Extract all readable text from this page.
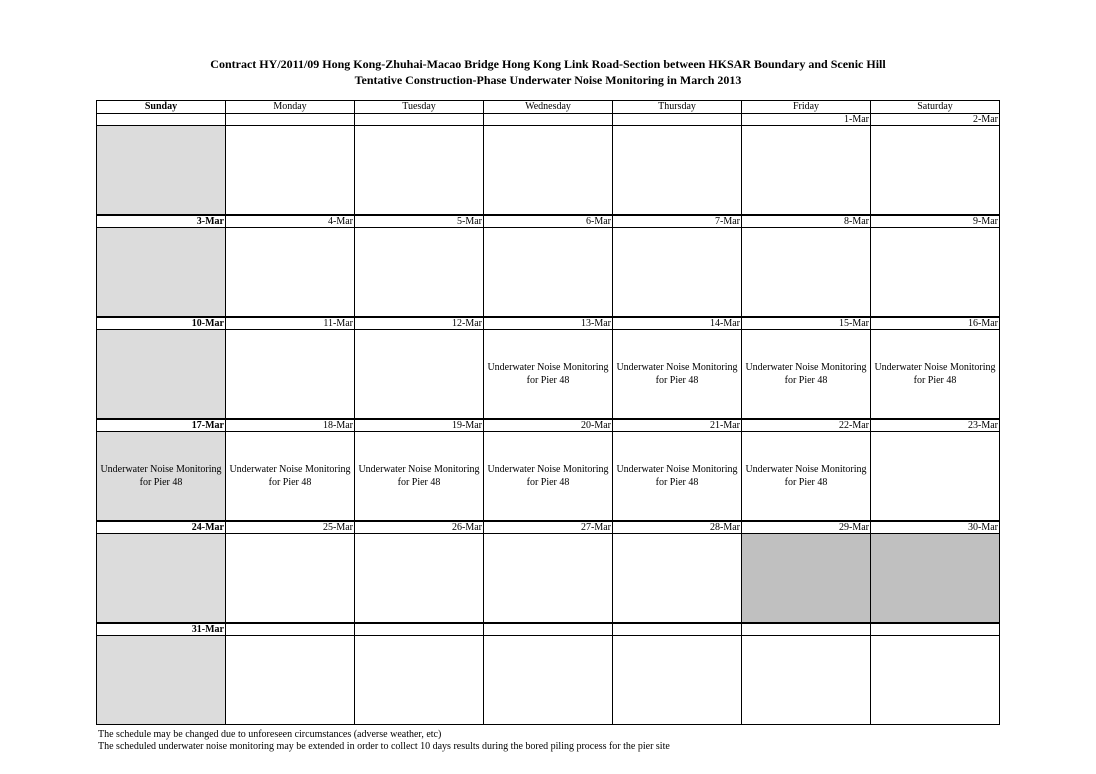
Contract HY/2011/09 Hong Kong-Zhuhai-Macao Bridge Hong Kong Link Road-Section between HKSAR Boundary and Scenic Hill
Tentative Construction-Phase Underwater Noise Monitoring in March 2013
Sunday	Monday	Tuesday	Wednesday	Thursday	Friday	Saturday
					1-Mar	2-Mar

3-Mar	4-Mar	5-Mar	6-Mar	7-Mar	8-Mar	9-Mar

10-Mar	11-Mar	12-Mar	13-Mar	14-Mar	15-Mar	16-Mar
			Underwater Noise Monitoring for Pier 48	Underwater Noise Monitoring for Pier 48	Underwater Noise Monitoring for Pier 48	Underwater Noise Monitoring for Pier 48
17-Mar	18-Mar	19-Mar	20-Mar	21-Mar	22-Mar	23-Mar
Underwater Noise Monitoring for Pier 48	Underwater Noise Monitoring for Pier 48	Underwater Noise Monitoring for Pier 48	Underwater Noise Monitoring for Pier 48	Underwater Noise Monitoring for Pier 48	Underwater Noise Monitoring for Pier 48	
24-Mar	25-Mar	26-Mar	27-Mar	28-Mar	29-Mar	30-Mar

31-Mar						

The schedule may be changed due to unforeseen circumstances (adverse weather, etc)
The scheduled underwater noise monitoring may be extended in order to collect 10 days results during the bored piling process for the pier site
